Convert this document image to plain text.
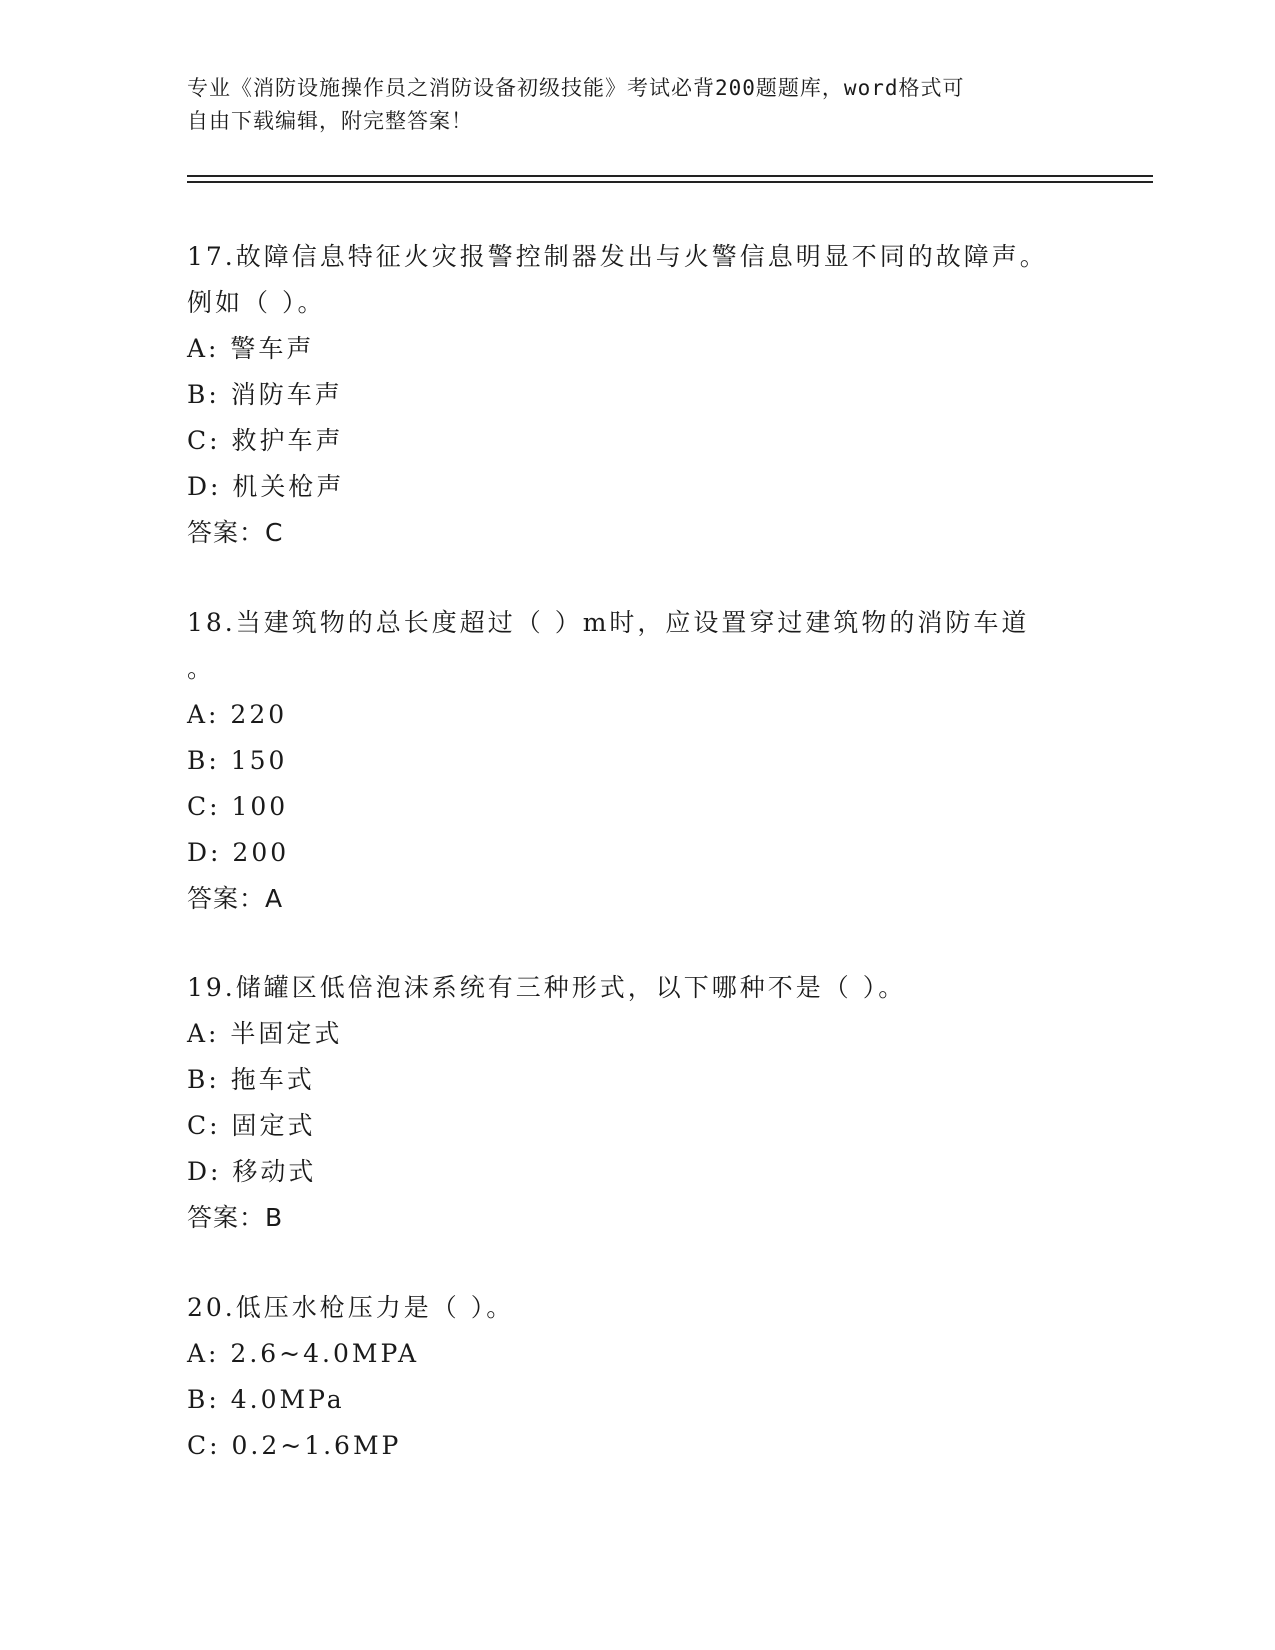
专业《消防设施操作员之消防设备初级技能》考试必背200题题库，word格式可
自由下载编辑，附完整答案！
17.故障信息特征火灾报警控制器发出与火警信息明显不同的故障声。
例如（ ）。
A: 警车声
B: 消防车声
C: 救护车声
D: 机关枪声
答案：C
18.当建筑物的总长度超过（ ）m时，应设置穿过建筑物的消防车道
。
A: 220
B: 150
C: 100
D: 200
答案：A
19.储罐区低倍泡沫系统有三种形式，以下哪种不是（ ）。
A: 半固定式
B: 拖车式
C: 固定式
D: 移动式
答案：B
20.低压水枪压力是（ ）。
A: 2.6~4.0MPA
B: 4.0MPa
C: 0.2~1.6MP
